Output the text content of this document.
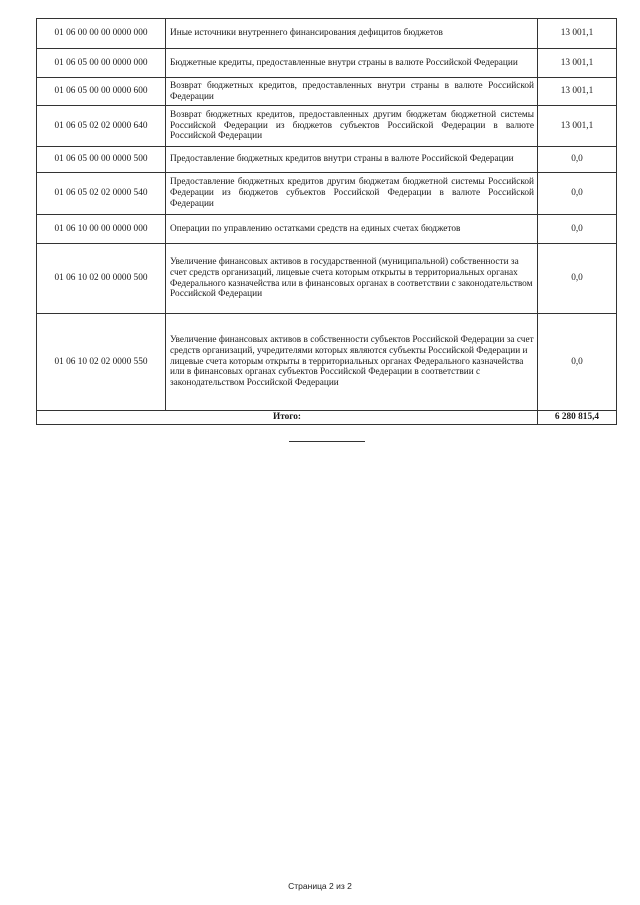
01 06 00 00 00 0000 000	Иные источники внутреннего финансирования дефицитов бюджетов	13 001,1
01 06 05 00 00 0000 000	Бюджетные кредиты, предоставленные внутри страны в валюте Российской Федерации	13 001,1
01 06 05 00 00 0000 600	Возврат бюджетных кредитов, предоставленных внутри страны в валюте Российской Федерации	13 001,1
01 06 05 02 02 0000 640	Возврат бюджетных кредитов, предоставленных другим бюджетам бюджетной системы Российской Федерации из бюджетов субъектов Российской Федерации в валюте Российской Федерации	13 001,1
01 06 05 00 00 0000 500	Предоставление бюджетных кредитов внутри страны в валюте Российской Федерации	0,0
01 06 05 02 02 0000 540	Предоставление бюджетных кредитов другим бюджетам бюджетной системы Российской Федерации из бюджетов субъектов Российской Федерации в валюте Российской Федерации	0,0
01 06 10 00 00 0000 000	Операции по управлению остатками средств на единых счетах бюджетов	0,0
01 06 10 02 00 0000 500	Увеличение финансовых активов в государственной (муниципальной) собственности за счет средств организаций, лицевые счета которым открыты в территориальных органах Федерального казначейства или в финансовых органах в соответствии с законодательством Российской Федерации	0,0
01 06 10 02 02 0000 550	Увеличение финансовых активов в собственности субъектов Российской Федерации за счет средств организаций, учредителями которых являются субъекты Российской Федерации и лицевые счета которым открыты в территориальных органах Федерального казначейства или в финансовых органах субъектов Российской Федерации в соответствии с законодательством Российской Федерации	0,0
Итого:		6 280 815,4
Страница 2 из 2
